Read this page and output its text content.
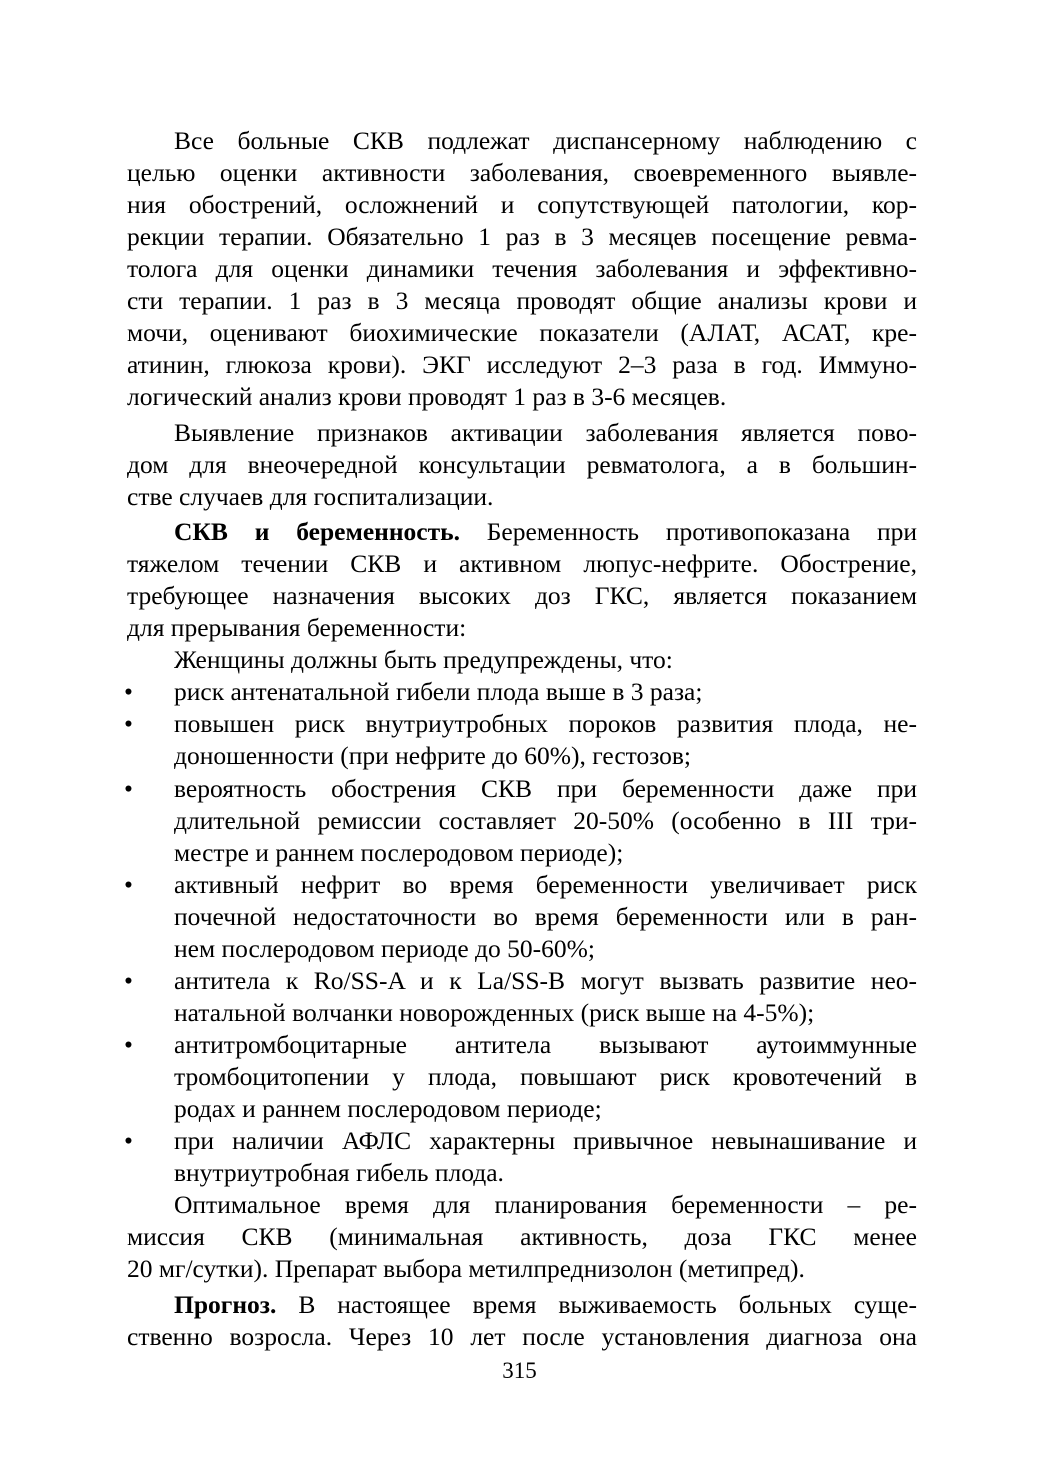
Все больные СКВ подлежат диспансерному наблюдению с
целью оценки активности заболевания, своевременного выявле-
ния обострений, осложнений и сопутствующей патологии, кор-
рекции терапии. Обязательно 1 раз в 3 месяцев посещение ревма-
толога для оценки динамики течения заболевания и эффективно-
сти терапии. 1 раз в 3 месяца проводят общие анализы крови и
мочи, оценивают биохимические показатели (АЛАТ, АСАТ, кре-
атинин, глюкоза крови). ЭКГ исследуют 2–3 раза в год. Иммуно-
логический анализ крови проводят 1 раз в 3-6 месяцев.
Выявление признаков активации заболевания является пово-
дом для внеочередной консультации ревматолога, а в большин-
стве случаев для госпитализации.
СКВ и беременность. Беременность противопоказана при
тяжелом течении СКВ и активном люпус-нефрите. Обострение,
требующее назначения высоких доз ГКС, является показанием
для прерывания беременности:
Женщины должны быть предупреждены, что:
• риск антенатальной гибели плода выше в 3 раза;
• повышен риск внутриутробных пороков развития плода, не-
доношенности (при нефрите до 60%), гестозов;
• вероятность обострения СКВ при беременности даже при
длительной ремиссии составляет 20-50% (особенно в III три-
местре и раннем послеродовом периоде);
• активный нефрит во время беременности увеличивает риск
почечной недостаточности во время беременности или в ран-
нем послеродовом периоде до 50-60%;
• антитела к Ro/SS-A и к La/SS-B могут вызвать развитие нео-
натальной волчанки новорожденных (риск выше на 4-5%);
• антитромбоцитарные антитела вызывают аутоиммунные
тромбоцитопении у плода, повышают риск кровотечений в
родах и раннем послеродовом периоде;
• при наличии АФЛС характерны привычное невынашивание и
внутриутробная гибель плода.
Оптимальное время для планирования беременности – ре-
миссия СКВ (минимальная активность, доза ГКС менее
20 мг/сутки). Препарат выбора метилпреднизолон (метипред).
Прогноз. В настоящее время выживаемость больных суще-
ственно возросла. Через 10 лет после установления диагноза она
315
